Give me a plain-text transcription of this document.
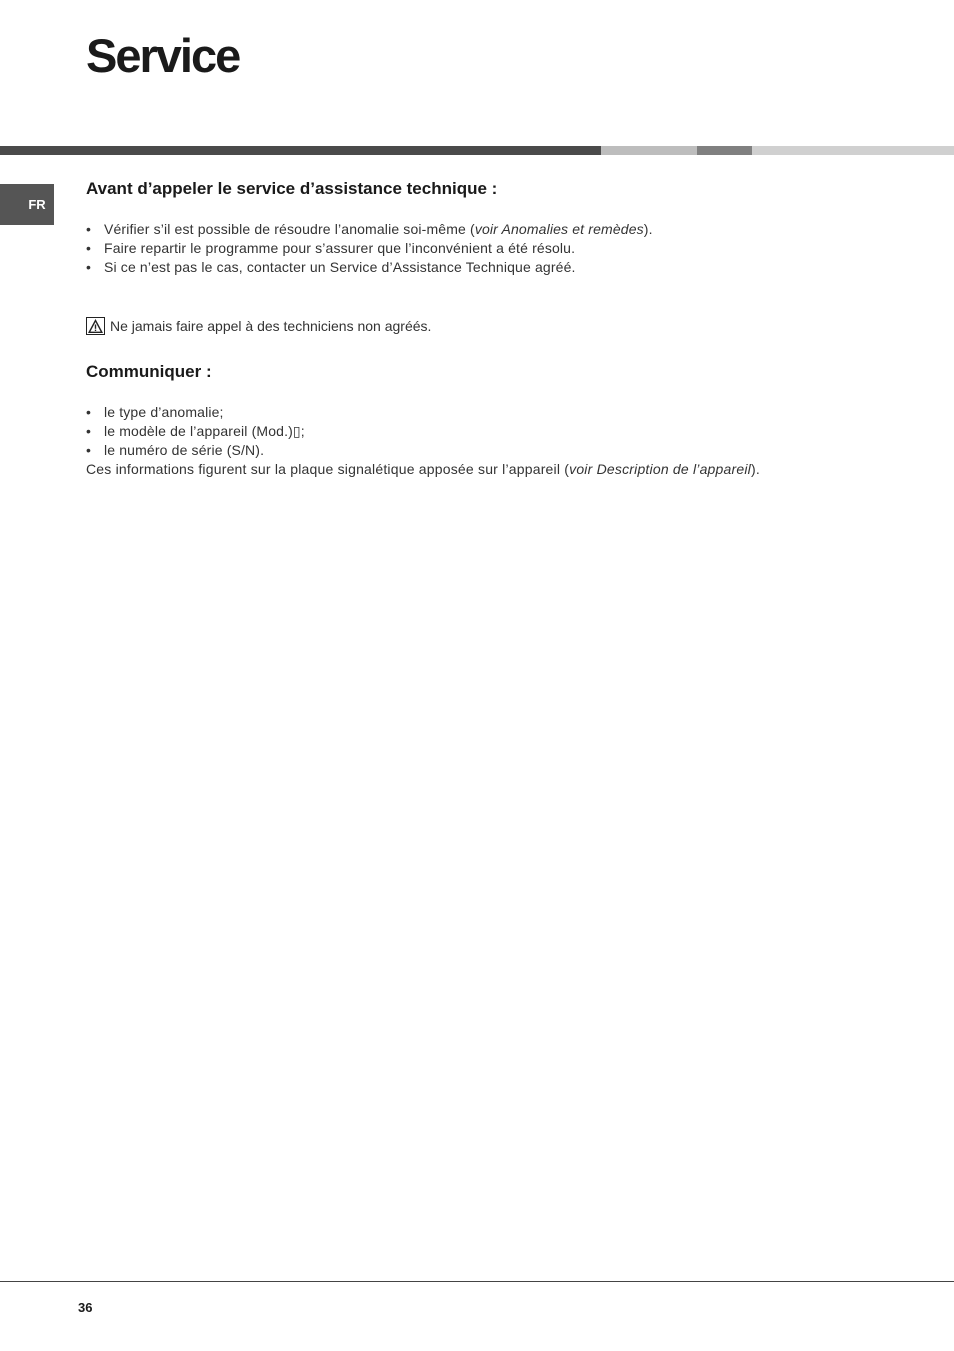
Service
FR
Avant d’appeler le service d’assistance technique :
• Vérifier s’il est possible de résoudre l’anomalie soi-même (voir Anomalies et remèdes).
• Faire repartir le programme pour s’assurer que l’inconvénient a été résolu.
• Si ce n’est pas le cas, contacter un Service d’Assistance Technique agréé.
Ne jamais faire appel à des techniciens non agréés.
Communiquer :
• le type d’anomalie;
• le modèle de l’appareil (Mod.)▯;
• le numéro de série (S/N).
Ces informations figurent sur la plaque signalétique apposée sur l’appareil (voir Description de l’appareil).
36
